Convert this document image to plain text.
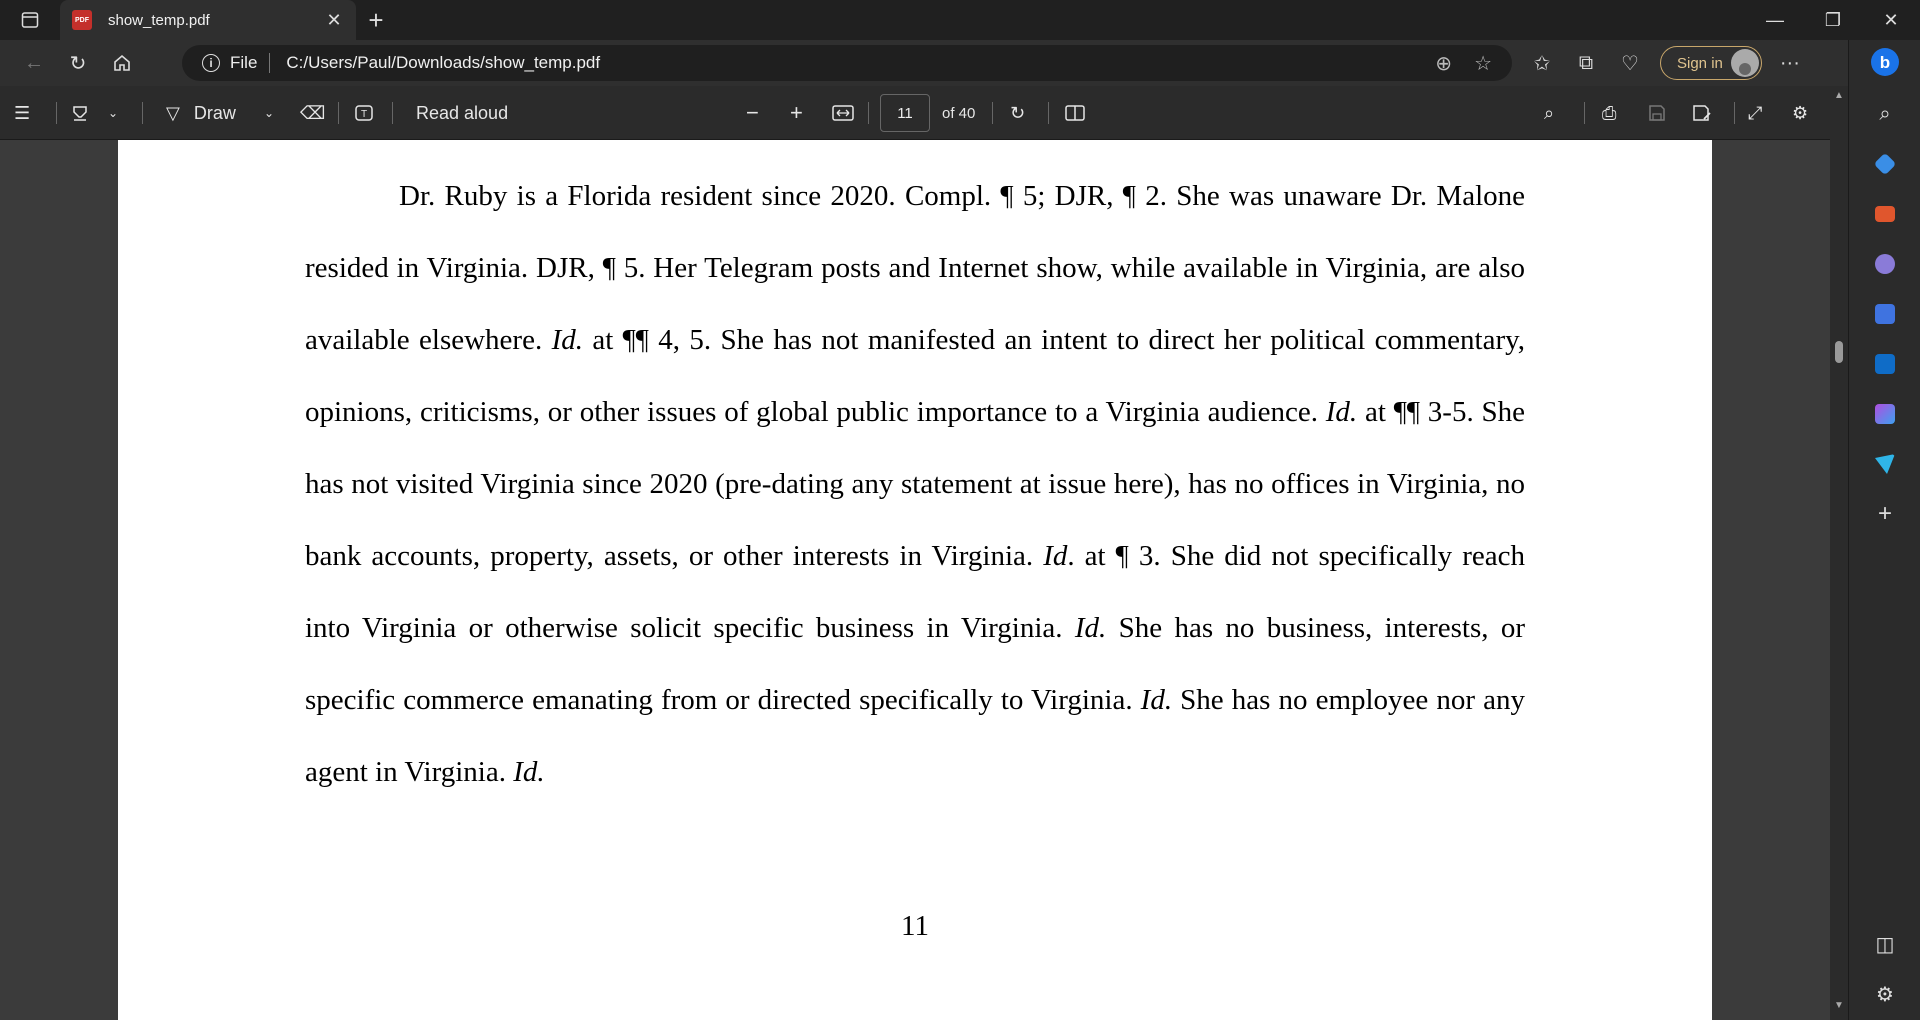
PDF show_temp.pdf	✕	+	—	❐	✕
←	↻	i	File C:/Users/Paul/Downloads/show_temp.pdf	⊕ ☆	✩	⧉	♡	Sign in	···
☰	⌄	▽ Draw ⌄ ⌫	T	Read aloud	− +
11	of 40 ↻	⌕	⎙	⤢ ⚙

Dr. Ruby is a Florida resident since 2020. Compl. ¶ 5; DJR, ¶ 2. She was unaware Dr. Malone resided in Virginia. DJR, ¶ 5. Her Telegram posts and Internet show, while available in Virginia, are also available elsewhere. Id. at ¶¶ 4, 5. She has not manifested an intent to direct her political commentary, opinions, criticisms, or other issues of global public importance to a Virginia audience. Id. at ¶¶ 3-5. She has not visited Virginia since 2020 (pre-dating any statement at issue here), has no offices in Virginia, no bank accounts, property, assets, or other interests in Virginia. Id. at ¶ 3. She did not specifically reach into Virginia or otherwise solicit specific business in Virginia. Id. She has no business, interests, or specific commerce emanating from or directed specifically to Virginia. Id. She has no employee nor any agent in Virginia. Id.

11
▲
▼
b
⌕
+
◫
⚙
